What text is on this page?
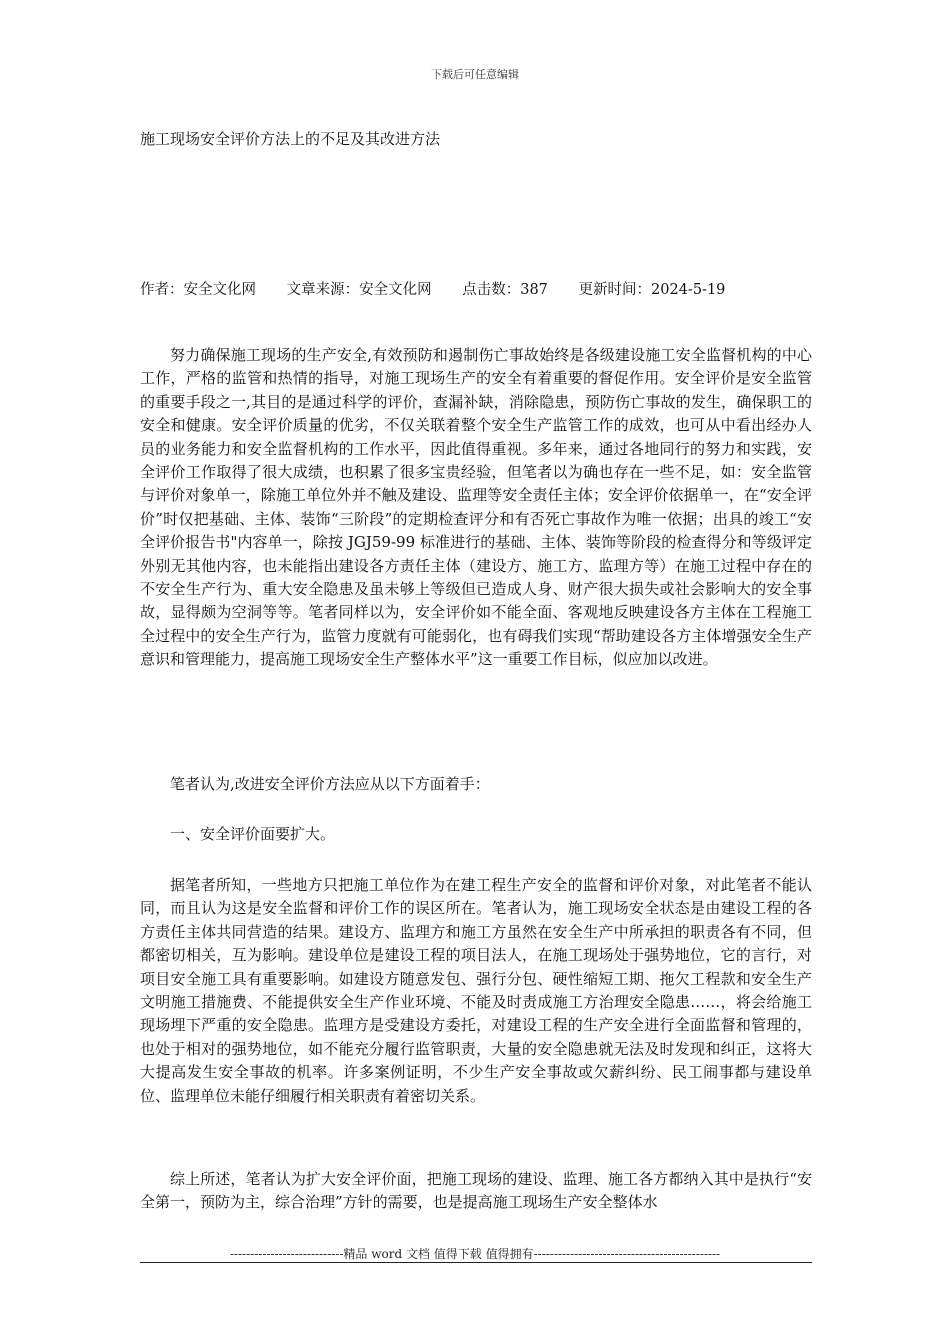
下载后可任意编辑
施工现场安全评价方法上的不足及其改进方法
作者：安全文化网 文章来源：安全文化网 点击数：387 更新时间：2024-5-19

努力确保施工现场的生产安全,有效预防和遏制伤亡事故始终是各级建设施工安全监督机构的中心工作，严格的监管和热情的指导，对施工现场生产的安全有着重要的督促作用。安全评价是安全监管的重要手段之一,其目的是通过科学的评价，查漏补缺，消除隐患，预防伤亡事故的发生，确保职工的安全和健康。安全评价质量的优劣，不仅关联着整个安全生产监管工作的成效，也可从中看出经办人员的业务能力和安全监督机构的工作水平，因此值得重视。多年来，通过各地同行的努力和实践，安全评价工作取得了很大成绩，也积累了很多宝贵经验，但笔者以为确也存在一些不足，如：安全监管与评价对象单一，除施工单位外并不触及建设、监理等安全责任主体；安全评价依据单一，在“安全评价”时仅把基础、主体、装饰“三阶段”的定期检查评分和有否死亡事故作为唯一依据；出具的竣工“安全评价报告书"内容单一，除按 JGJ59-99 标准进行的基础、主体、装饰等阶段的检查得分和等级评定外别无其他内容，也未能指出建设各方责任主体（建设方、施工方、监理方等）在施工过程中存在的不安全生产行为、重大安全隐患及虽未够上等级但已造成人身、财产很大损失或社会影响大的安全事故，显得颇为空洞等等。笔者同样以为，安全评价如不能全面、客观地反映建设各方主体在工程施工全过程中的安全生产行为，监管力度就有可能弱化，也有碍我们实现“帮助建设各方主体增强安全生产意识和管理能力，提高施工现场安全生产整体水平”这一重要工作目标，似应加以改进。

笔者认为,改进安全评价方法应从以下方面着手：

一、安全评价面要扩大。

据笔者所知，一些地方只把施工单位作为在建工程生产安全的监督和评价对象，对此笔者不能认同，而且认为这是安全监督和评价工作的误区所在。笔者认为，施工现场安全状态是由建设工程的各方责任主体共同营造的结果。建设方、监理方和施工方虽然在安全生产中所承担的职责各有不同，但都密切相关，互为影响。建设单位是建设工程的项目法人，在施工现场处于强势地位，它的言行，对项目安全施工具有重要影响。如建设方随意发包、强行分包、硬性缩短工期、拖欠工程款和安全生产文明施工措施费、不能提供安全生产作业环境、不能及时责成施工方治理安全隐患……，将会给施工现场埋下严重的安全隐患。监理方是受建设方委托，对建设工程的生产安全进行全面监督和管理的，也处于相对的强势地位，如不能充分履行监管职责，大量的安全隐患就无法及时发现和纠正，这将大大提高发生安全事故的机率。许多案例证明，不少生产安全事故或欠薪纠纷、民工闹事都与建设单位、监理单位未能仔细履行相关职责有着密切关系。

综上所述，笔者认为扩大安全评价面，把施工现场的建设、监理、施工各方都纳入其中是执行“安全第一，预防为主，综合治理”方针的需要，也是提高施工现场生产安全整体水

----------------------------精品 word 文档 值得下载 值得拥有----------------------------------------------
